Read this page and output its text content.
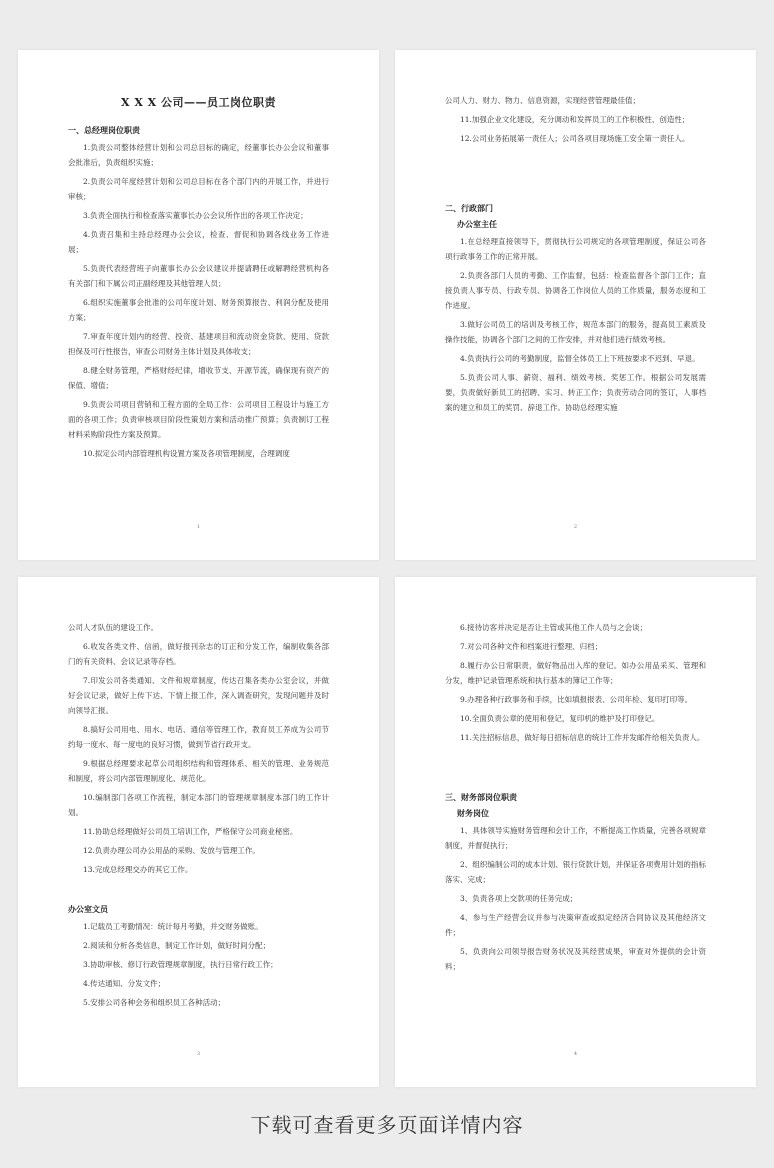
X X X 公司——员工岗位职责
一、总经理岗位职责

1.负责公司整体经营计划和公司总目标的确定，经董事长办公会议和董事会批准后，负责组织实施；

2.负责公司年度经营计划和公司总目标在各个部门内的开展工作，并进行审核；

3.负责全面执行和检查落实董事长办公会议所作出的各项工作决定；

4.负责召集和主持总经理办公会议，检查、督促和协调各线业务工作进展；

5.负责代表经营班子向董事长办公会议建议并提请聘任或解聘经营机构各有关部门和下属公司正副经理及其他管理人员；

6.组织实施董事会批准的公司年度计划、财务预算报告、利润分配及使用方案；

7.审查年度计划内的经营、投资、基建项目和流动资金贷款、使用、贷款担保及可行性报告，审查公司财务主体计划及具体收支；

8.健全财务管理，严格财经纪律，增收节支、开源节流，确保现有资产的保值、增值；

9.负责公司项目营销和工程方面的全局工作：公司项目工程设计与施工方面的各项工作；负责审核项目阶段性策划方案和活动推广预算；负责制订工程材料采购阶段性方案及预算。

10.拟定公司内部管理机构设置方案及各项管理制度，合理调度

1

公司人力、财力、物力、信息资源，实现经营管理最佳值；

11.加强企业文化建设，充分调动和发挥员工的工作积极性、创造性；

12.公司业务拓展第一责任人；公司各项目现场施工安全第一责任人。

二、行政部门
办公室主任

1.在总经理直接领导下，贯彻执行公司规定的各项管理制度，保证公司各项行政事务工作的正常开展。

2.负责各部门人员的考勤、工作监督，包括：检查监督各个部门工作；直接负责人事专员、行政专员、协调各工作岗位人员的工作质量，服务态度和工作进度。

3.做好公司员工的培训及考核工作，规范本部门的服务，提高员工素质及操作技能，协调各个部门之间的工作安排，并对他们进行绩效考核。

4.负责执行公司的考勤制度，监督全体员工上下班按要求不迟到、早退。

5.负责公司人事、薪资、福利、绩效考核、奖惩工作。根据公司发展需要，负责做好新员工的招聘、实习、转正工作；负责劳动合同的签订，人事档案的建立和员工的奖罚、辞退工作。协助总经理实施

2

公司人才队伍的建设工作。

6.收发各类文件、信函，做好报刊杂志的订正和分发工作，编制收集各部门的有关资料、会议记录等存档。

7.印发公司各类通知、文件和规章制度，传达召集各类办公室会议，并做好会议记录，做好上传下达、下情上报工作，深入调查研究，发现问题并及时向领导汇报。

8.搞好公司用电、用水、电话、通信等管理工作，教育员工养成为公司节约每一度水、每一度电的良好习惯，做到节省行政开支。

9.根据总经理要求起草公司组织结构和管理体系、相关的管理、业务规范和制度，将公司内部管理制度化、规范化。

10.编制部门各项工作流程，制定本部门的管理规章制度本部门的工作计划。

11.协助总经理做好公司员工培训工作，严格保守公司商业秘密。

12.负责办理公司办公用品的采购、发放与管理工作。

13.完成总经理交办的其它工作。

办公室文员

1.记载员工考勤情况：统计每月考勤，并交财务做账。

2.阅读和分析各类信息，制定工作计划，做好时间分配；

3.协助审核、修订行政管理规章制度，执行日常行政工作；

4.传达通知、分发文件；

5.安排公司各种会务和组织员工各种活动；

3

6.接待访客并决定是否让主管或其他工作人员与之会谈；

7.对公司各种文件和档案进行整理、归档；

8.履行办公日常职责，做好物品出入库的登记。如办公用品采买、管理和分发，维护记录管理系统和执行基本的簿记工作等；

9.办理各种行政事务和手续，比如填报报表、公司年检、复印打印等。

10.全面负责公章的使用和登记，复印机的维护及打印登记。

11.关注招标信息，做好每日招标信息的统计工作并发邮件给相关负责人。

三、财务部岗位职责
财务岗位

1、具体领导实施财务管理和会计工作，不断提高工作质量，完善各项规章制度，并督促执行；

2、组织编制公司的成本计划、银行贷款计划，并保证各项费用计划的指标落实、完成；

3、负责各项上交款项的任务完成；

4、参与生产经营会议并参与决策审查或拟定经济合同协议及其他经济文件；

5、负责向公司领导报告财务状况及其经营成果，审查对外提供的会计资料；

4
下载可查看更多页面详情内容
